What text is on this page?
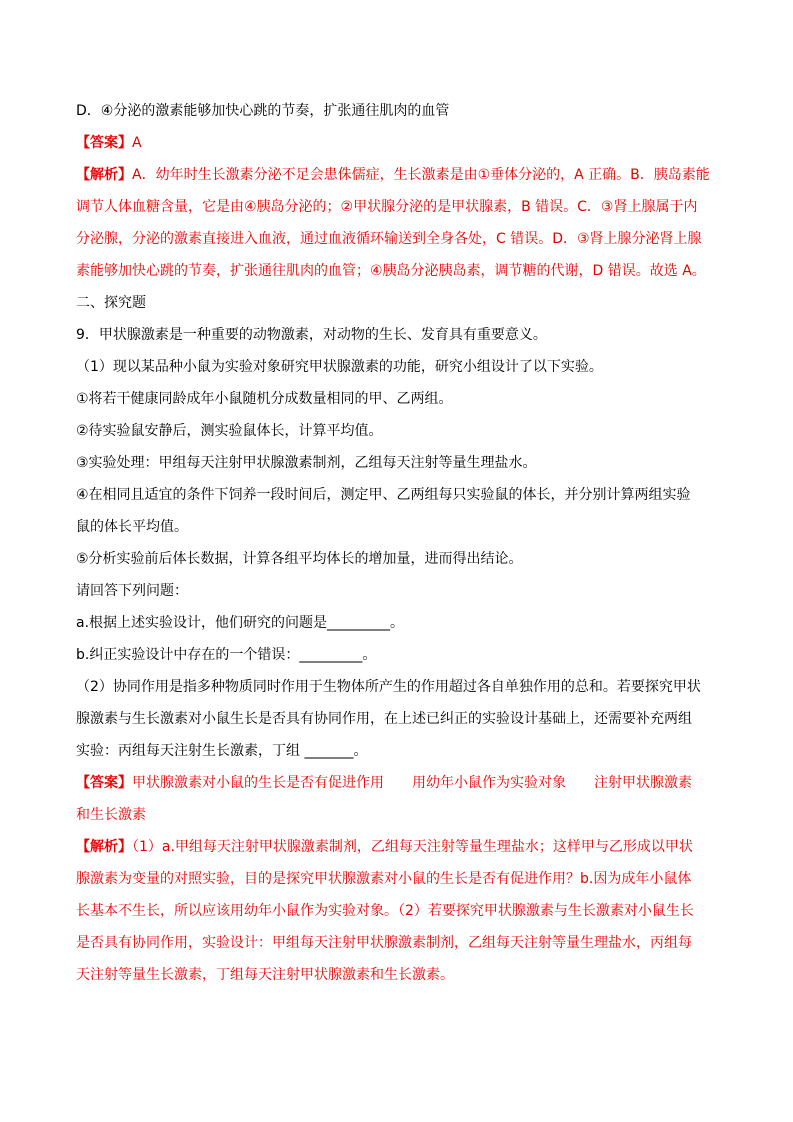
D．④分泌的激素能够加快心跳的节奏，扩张通往肌肉的血管
【答案】A
【解析】A．幼年时生长激素分泌不足会患侏儒症，生长激素是由①垂体分泌的，A 正确。B．胰岛素能
调节人体血糖含量，它是由④胰岛分泌的；②甲状腺分泌的是甲状腺素，B 错误。C．③肾上腺属于内
分泌腺，分泌的激素直接进入血液，通过血液循环输送到全身各处，C 错误。D．③肾上腺分泌肾上腺
素能够加快心跳的节奏，扩张通往肌肉的血管；④胰岛分泌胰岛素，调节糖的代谢，D 错误。故选 A。
二、探究题
9．甲状腺激素是一种重要的动物激素，对动物的生长、发育具有重要意义。
（1）现以某品种小鼠为实验对象研究甲状腺激素的功能，研究小组设计了以下实验。
①将若干健康同龄成年小鼠随机分成数量相同的甲、乙两组。
②待实验鼠安静后，测实验鼠体长，计算平均值。
③实验处理：甲组每天注射甲状腺激素制剂，乙组每天注射等量生理盐水。
④在相同且适宜的条件下饲养一段时间后，测定甲、乙两组每只实验鼠的体长，并分别计算两组实验
鼠的体长平均值。
⑤分析实验前后体长数据，计算各组平均体长的增加量，进而得出结论。
请回答下列问题：
a.根据上述实验设计，他们研究的问题是_________。
b.纠正实验设计中存在的一个错误：_________。
（2）协同作用是指多种物质同时作用于生物体所产生的作用超过各自单独作用的总和。若要探究甲状
腺激素与生长激素对小鼠生长是否具有协同作用，在上述已纠正的实验设计基础上，还需要补充两组
实验：丙组每天注射生长激素，丁组 _______。
【答案】甲状腺激素对小鼠的生长是否有促进作用　　用幼年小鼠作为实验对象　　注射甲状腺激素
和生长激素
【解析】（1）a.甲组每天注射甲状腺激素制剂，乙组每天注射等量生理盐水；这样甲与乙形成以甲状
腺激素为变量的对照实验，目的是探究甲状腺激素对小鼠的生长是否有促进作用？b.因为成年小鼠体
长基本不生长，所以应该用幼年小鼠作为实验对象。（2）若要探究甲状腺激素与生长激素对小鼠生长
是否具有协同作用，实验设计：甲组每天注射甲状腺激素制剂，乙组每天注射等量生理盐水，丙组每
天注射等量生长激素，丁组每天注射甲状腺激素和生长激素。
